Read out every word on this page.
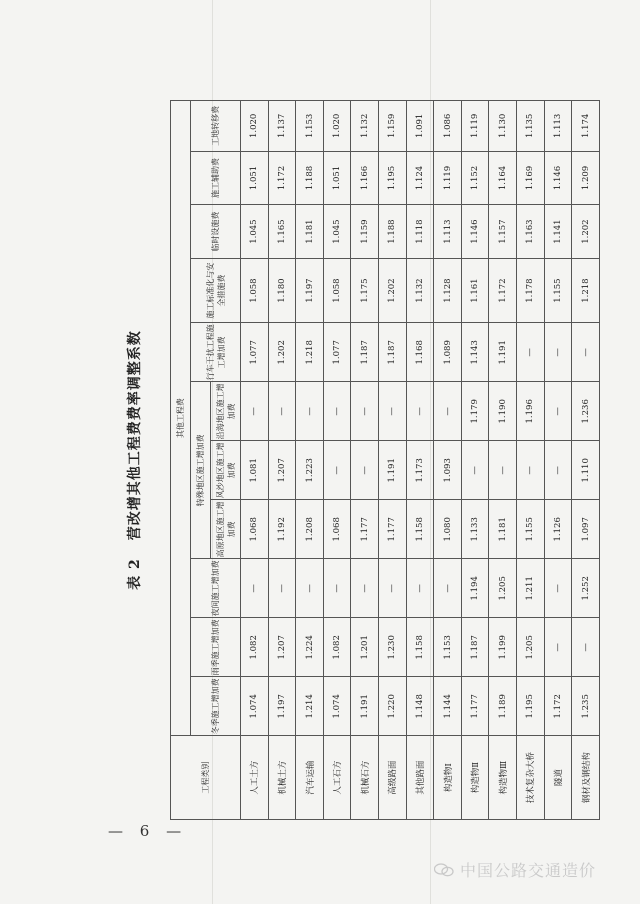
表 2营改增其他工程费费率调整系数
工程类别	其他工程费										
	冬季施工增加费	雨季施工增加费	夜间施工增加费	特殊地区施工增加费			行车干扰工程施工增加费	施工标准化与安全措施费	临时设施费	施工辅助费	工地转移费
				高原地区施工增加费	风沙地区施工增加费	沿海地区施工增加费					
人工土方	1.074	1.082	—	1.068	1.081	—	1.077	1.058	1.045	1.051	1.020
机械土方	1.197	1.207	—	1.192	1.207	—	1.202	1.180	1.165	1.172	1.137
汽车运输	1.214	1.224	—	1.208	1.223	—	1.218	1.197	1.181	1.188	1.153
人工石方	1.074	1.082	—	1.068	—	—	1.077	1.058	1.045	1.051	1.020
机械石方	1.191	1.201	—	1.177	—	—	1.187	1.175	1.159	1.166	1.132
高级路面	1.220	1.230	—	1.177	1.191	—	1.187	1.202	1.188	1.195	1.159
其他路面	1.148	1.158	—	1.158	1.173	—	1.168	1.132	1.118	1.124	1.091
构造物Ⅰ	1.144	1.153	—	1.080	1.093	—	1.089	1.128	1.113	1.119	1.086
构造物Ⅱ	1.177	1.187	1.194	1.133	—	1.179	1.143	1.161	1.146	1.152	1.119
构造物Ⅲ	1.189	1.199	1.205	1.181	—	1.190	1.191	1.172	1.157	1.164	1.130
技术复杂大桥	1.195	1.205	1.211	1.155	—	1.196	—	1.178	1.163	1.169	1.135
隧道	1.172	—	—	1.126	—	—	—	1.155	1.141	1.146	1.113
钢材及钢结构	1.235	—	1.252	1.097	1.110	1.236	—	1.218	1.202	1.209	1.174
— 6 —
中国公路交通造价
